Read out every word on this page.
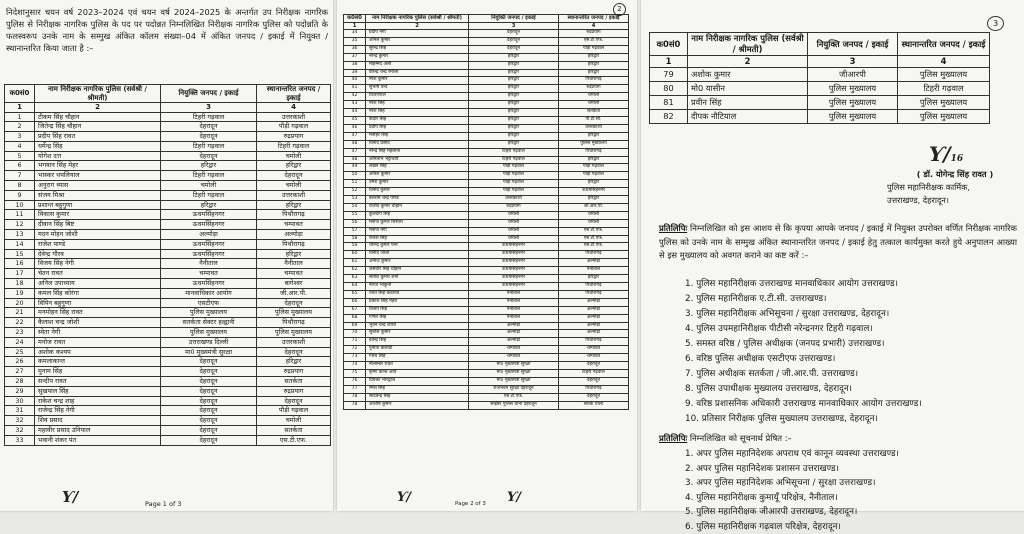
निदेशानुसार चयन वर्ष 2023–2024 एवं चयन वर्ष 2024–2025 के अन्तर्गत उप निरीक्षक नागरिक पुलिस से निरीक्षक नागरिक पुलिस के पद पर पदोन्नत निम्नलिखित निरीक्षक नागरिक पुलिस को पदोन्नति के फलस्वरूप उनके नाम के सम्मुख अंकित कॉलम संख्या–04 में अंकित जनपद / इकाई में नियुक्त / स्थानान्तरित किया जाता है :–
क0सं0	नाम निरीक्षक नागरिक पुलिस (सर्वश्री / श्रीमती)	नियुक्ति जनपद / इकाई	स्थानान्तरित जनपद / इकाई
1	2	3	4
1	टीकम सिंह चौहान	टिहरी गढ़वाल	उत्तरकाशी
2	जितेन्द्र सिंह चौहान	देहरादून	पौड़ी गढ़वाल
3	प्रदीप सिंह रावत	देहरादून	रुद्रप्रयाग
4	धर्मेन्द्र सिंह	टिहरी गढ़वाल	टिहरी गढ़वाल
5	योगेश दत्त	देहरादून	चमोली
6	भगवान सिंह मेहर	हरिद्वार	हरिद्वार
7	भास्कर थपलियाल	टिहरी गढ़वाल	देहरादून
8	अनुराग व्यास	चमोली	चमोली
9	संजय मिश्रा	टिहरी गढ़वाल	उत्तरकाशी
10	प्रशान्त बहुगुणा	हरिद्वार	हरिद्वार
11	विकास कुमार	ऊधमसिंहनगर	पिथौरागढ़
12	दीवान सिंह बिष्ट	ऊधमसिंहनगर	चम्पावत
13	मदन मोहन जोशी	अल्मोड़ा	अल्मोड़ा
14	राजेश पाण्डे	ऊधमसिंहनगर	पिथौरागढ़
15	देवेन्द्र गौरव	ऊधमसिंहनगर	हरिद्वार
16	विजय सिंह नेगी	नैनीताल	नैनीताल
17	चेतन रावत	चम्पावत	चम्पावत
18	अनिल उपाध्याय	ऊधमसिंहनगर	बागेश्वर
19	कमल सिंह कोरंगा	मानवाधिकार आयोग	जी.आर.पी.
20	विपिन बहुगुणा	एसटीएफ	देहरादून
21	मनमोहन सिंह रावत	पुलिस मुख्यालय	पुलिस मुख्यालय
22	कैलाश चन्द्र जोशी	सतर्कता सेक्टर हल्द्वानी	पिथौरागढ़
23	स्वेता नेगी	पुलिस मुख्यालय	पुलिस मुख्यालय
24	मनोज रावत	उत्तराखण्ड दिल्ली	उत्तरकाशी
25	अशोक कश्यप	मा0 मुख्यमंत्री सुरक्षा	देहरादून
26	कमलाकान्त	देहरादून	हरिद्वार
27	मुनाम सिंह	देहरादून	रुद्रप्रयाग
28	सन्दीप रावत	देहरादून	सतर्कता
29	सुखपाल सिंह	देहरादून	रुद्रप्रयाग
30	राकेश चन्द्र शाह	देहरादून	देहरादून
31	राजेन्द्र सिंह नेगी	देहरादून	पौड़ी गढ़वाल
32	शिव प्रसाद	देहरादून	चमोली
32	महावीर प्रसाद उनियाल	देहरादून	सतर्कता
33	भवानी शंकर पंत	देहरादून	एस.टी.एफ.
Ƴ/	Page 1 of 3
2
क0सं0	नाम निरीक्षक नागरिक पुलिस (सर्वश्री / श्रीमती)	नियुक्ति जनपद / इकाई	स्थानान्तरित जनपद / इकाई
1	2	3	4
34	प्रदीप नेगी	देहरादून	रुद्रप्रयाग
35	अनिल कुमार	देहरादून	एस.टी.एफ.
36	सुरेन्द्र सिंह	देहरादून	पौड़ी गढ़वाल
37	नरेन्द्र कुमार	हरिद्वार	हरिद्वार
38	मोहम्मद अली	हरिद्वार	हरिद्वार
39	वीरेन्द्र चन्द्र रमोला	हरिद्वार	हरिद्वार
40	नरेश कुमार	हरिद्वार	पिथौरागढ़
41	सुभाष चन्द	हरिद्वार	रुद्रप्रयाग
42	विजयपाल	हरिद्वार	चमोली
43	नरेश सिंह	हरिद्वार	चमोली
44	नरेश सिंह	हरिद्वार	सतर्कता
45	केदार सिंह	हरिद्वार	पी.टी.सी.
46	प्रदीप सिंह	हरिद्वार	उत्तरकाशी
47	मनोहर सिंह	हरिद्वार	हरिद्वार
48	विनोद प्रसाद	हरिद्वार	पुलिस मुख्यालय
47	नरेन्द्र सिंह महलाना	टिहरी गढ़वाल	पिथौरागढ़
48	अमिताभ भट्टाचार्य	टिहरी गढ़वाल	हरिद्वार
49	लखन सिंह	पौड़ी गढ़वाल	पौड़ी गढ़वाल
50	अनिल कुमार	पौड़ी गढ़वाल	पौड़ी गढ़वाल
51	उमेश कुमार	पौड़ी गढ़वाल	हरिद्वार
52	विनोद कुमार	पौड़ी गढ़वाल	ऊधमसिंहनगर
53	बलराम चन्द्र पाण्डे	उत्तरकाशी	हरिद्वार
54	राजीव कुमार चौहान	रुद्रप्रयाग	जी.आर.पी.
55	कुलदीप सिंह	चमोली	चमोली
56	मनोज कुमार सिरोला	चमोली	चमोली
57	मनोज नेगी	चमोली	एस.टी.एफ.
58	राजेश सिंह	चमोली	एस.टी.एफ.
59	धीरेन्द्र कुमार पन्त	ऊधमसिंहनगर	एस.टी.एफ.
60	विनोद जोशी	ऊधमसिंहनगर	पिथौरागढ़
61	अनोज कुमार	ऊधमसिंहनगर	अल्मोड़ा
62	जसवीर सिंह चौहान	ऊधमसिंहनगर	नैनीताल
63	सतीश कुमार शर्मा	ऊधमसिंहनगर	हरिद्वार
64	नीरज भाकुनी	ऊधमसिंहनगर	पिथौरागढ़
65	रजत सिंह कठायत	नैनीताल	पिथौरागढ़
66	प्रकाश सिंह मेहरा	नैनीताल	अल्मोड़ा
67	विजय सिंह	नैनीताल	अल्मोड़ा
68	गणेश सिंह	नैनीताल	अल्मोड़ा
69	भुवन चन्द्र जोशी	अल्मोड़ा	अल्मोड़ा
70	सुशील कुमार	अल्मोड़ा	अल्मोड़ा
71	देवेन्द्र सिंह	अल्मोड़ा	पिथौरागढ़
72	पुनीता बालोदी	चम्पावत	चम्पावत
73	गौरव सिंह	चम्पावत	चम्पावत
74	नीलाम्बर रावत	मा0 मुख्यमंत्री सुरक्षा	देहरादून
75	कृष्ण कान्त आर्य	मा0 मुख्यमंत्री सुरक्षा	टिहरी गढ़वाल
76	प्रियंका भारद्वाज	मा0 मुख्यमंत्री सुरक्षा	देहरादून
77	रमेश सिंह	राजभवन सुरक्षा देहरादून	पिथौरागढ़
78	सादवेन्द्र सिंह	एस.टी.एफ.	देहरादून
78	आशीष कुमार	साईबर पुलिस थाना देहरादून	सतर्क थाला
Ƴ/	Ƴ/
Page 2 of 3
3
क0सं0	नाम निरीक्षक नागरिक पुलिस (सर्वश्री / श्रीमती)	नियुक्ति जनपद / इकाई	स्थानान्तरित जनपद / इकाई
1	2	3	4
79	अशोक कुमार	जीआरपी	पुलिस मुख्यालय
80	मो0 यासीन	पुलिस मुख्यालय	टिहरी गढ़वाल
81	प्रवीन सिंह	पुलिस मुख्यालय	पुलिस मुख्यालय
82	दीपक नौटियाल	पुलिस मुख्यालय	पुलिस मुख्यालय
Ƴ/16
( डॉ. योगेन्द्र सिंह रावत )
पुलिस महानिरीक्षक कार्मिक,
उत्तराखण्ड, देहरादून।
प्रतिलिपिः निम्नलिखित को इस आशय से कि कृपया आपके जनपद / इकाई में नियुक्त उपरोक्त वर्णित निरीक्षक नागरिक पुलिस को उनके नाम के सम्मुख अंकित स्थानान्तरित जनपद / इकाई हेतु तत्काल कार्यमुक्त करते हुये अनुपालन आख्या से इस मुख्यालय को अवगत कराने का कष्ट करें :–
1. पुलिस महानिरीक्षक उत्तराखण्ड मानवाधिकार आयोग उत्तराखण्ड।
2. पुलिस महानिरीक्षक ए.टी.सी. उत्तराखण्ड।
3. पुलिस महानिरीक्षक अभिसूचना / सुरक्षा उत्तराखण्ड, देहरादून।
4. पुलिस उपमहानिरीक्षक पीटीसी नरेन्द्रनगर टिहरी गढ़वाल।
5. समस्त वरिष्ठ / पुलिस अधीक्षक (जनपद प्रभारी) उत्तराखण्ड।
6. वरिष्ठ पुलिस अधीक्षक एसटीएफ उत्तराखण्ड।
7. पुलिस अधीक्षक सतर्कता / जी.आर.पी. उत्तराखण्ड।
8. पुलिस उपाधीक्षक मुख्यालय उत्तराखण्ड, देहरादून।
9. वरिष्ठ प्रशासनिक अधिकारी उत्तराखण्ड मानवाधिकार आयोग उत्तराखण्ड।
10. प्रतिसार निरीक्षक पुलिस मुख्यालय उत्तराखण्ड, देहरादून।
प्रतिलिपिः निम्नलिखित को सूचनार्थ प्रेषित :–
1. अपर पुलिस महानिदेशक अपराध एवं कानून व्यवस्था उत्तराखण्ड।
2. अपर पुलिस महानिदेशक प्रशासन उत्तराखण्ड।
3. अपर पुलिस महानिदेशक अभिसूचना / सुरक्षा उत्तराखण्ड।
4. पुलिस महानिरीक्षक कुमायूँ परिक्षेत्र, नैनीताल।
5. पुलिस महानिरीक्षक जीआरपी उत्तराखण्ड, देहरादून।
6. पुलिस महानिरीक्षक गढ़वाल परिक्षेत्र, देहरादून।
